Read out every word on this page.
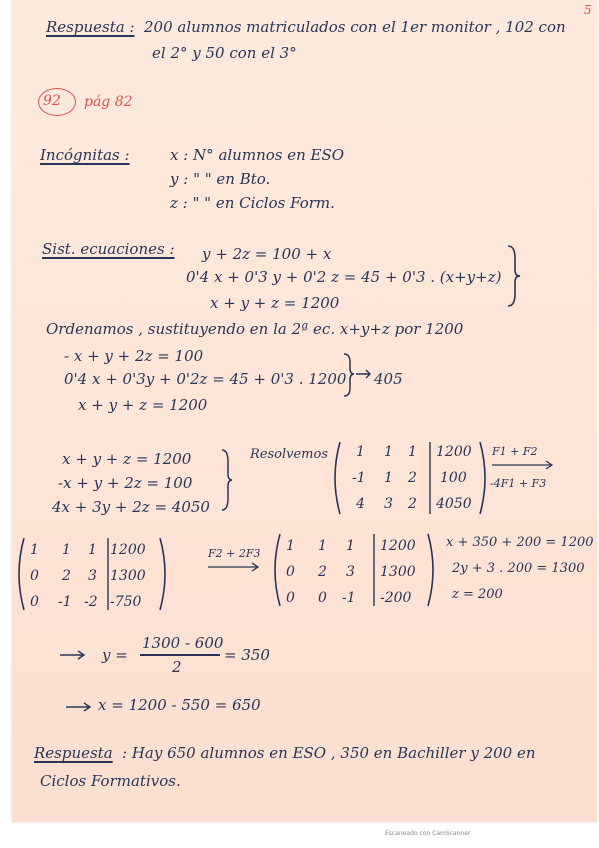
5
Respuesta : 200 alumnos matriculados con el 1er monitor , 102 con
el 2° y 50 con el 3°
92 pág 82
Incógnitas :	x : N° alumnos en ESO
y : " " en Bto.
z : " " en Ciclos Form.
Sist. ecuaciones : y + 2z = 100 + x
0'4 x + 0'3 y + 0'2 z = 45 + 0'3 . (x+y+z)
x + y + z = 1200
Ordenamos , sustituyendo en la 2ª ec. x+y+z por 1200
- x + y + 2z = 100
0'4 x + 0'3y + 0'2z = 45 + 0'3 . 1200
x + y + z = 1200
405
x + y + z = 1200
-x + y + 2z = 100
4x + 3y + 2z = 4050
Resolvemos 1 1 1 1200
-1 1 2 100
4 3 2 4050
F1 + F2
-4F1 + F3
1 1 1 1200
0 2 3 1300
0 -1 -2 -750
F2 + 2F3 1 1 1 1200
0 2 3 1300
0 0 -1 -200
x + 350 + 200 = 1200
2y + 3 . 200 = 1300
z = 200
y =
1300 - 600
2
= 350
x = 1200 - 550 = 650
Respuesta : Hay 650 alumnos en ESO , 350 en Bachiller y 200 en
Ciclos Formativos.
Escaneado con CamScanner
